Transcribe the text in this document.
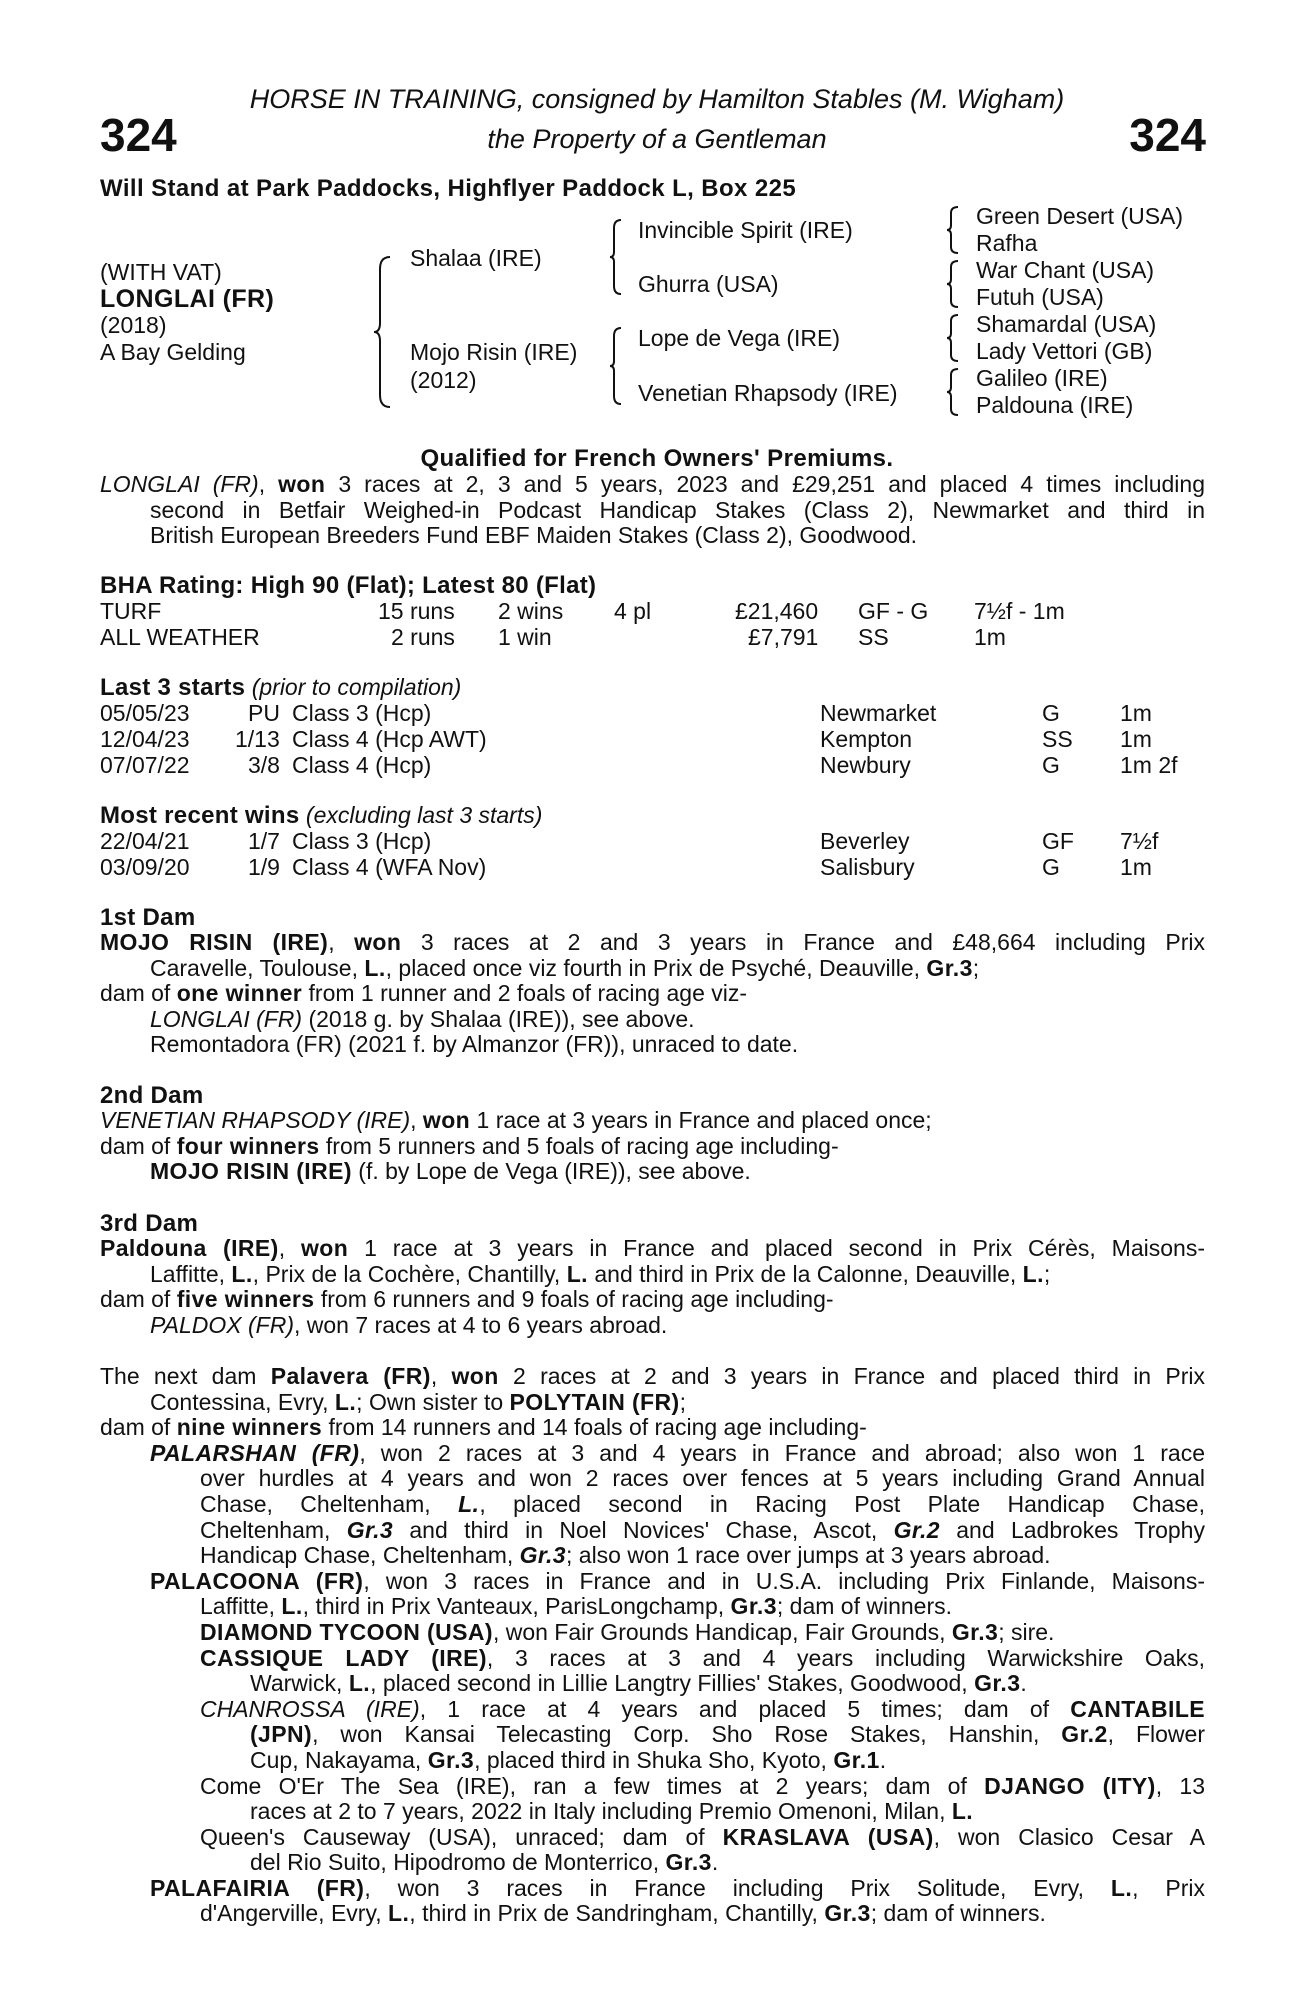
HORSE IN TRAINING, consigned by Hamilton Stables (M. Wigham)
324	the Property of a Gentleman	324
Will Stand at Park Paddocks, Highflyer Paddock L, Box 225
(WITH VAT)
LONGLAI (FR)
(2018)
A Bay Gelding
Shalaa (IRE)
Mojo Risin (IRE)
(2012)
Invincible Spirit (IRE)
Ghurra (USA)
Lope de Vega (IRE)
Venetian Rhapsody (IRE)
Green Desert (USA)
Rafha
War Chant (USA)
Futuh (USA)
Shamardal (USA)
Lady Vettori (GB)
Galileo (IRE)
Paldouna (IRE)
Qualified for French Owners' Premiums.
LONGLAI (FR), won 3 races at 2, 3 and 5 years, 2023 and £29,251 and placed 4 times including
second in Betfair Weighed-in Podcast Handicap Stakes (Class 2), Newmarket and third in
British European Breeders Fund EBF Maiden Stakes (Class 2), Goodwood.
BHA Rating: High 90 (Flat); Latest 80 (Flat)
TURF	15 runs 2 wins 4 pl	£21,460 GF - G 7½f - 1m
ALL WEATHER	2 runs 1 win	£7,791 SS	1m
Last 3 starts (prior to compilation)
05/05/23	PU Class 3 (Hcp)	Newmarket	G	1m
12/04/23 1/13 Class 4 (Hcp AWT)	Kempton	SS 1m
07/07/22	3/8 Class 4 (Hcp)	Newbury	G	1m 2f
Most recent wins (excluding last 3 starts)
22/04/21	1/7 Class 3 (Hcp)	Beverley	GF 7½f
03/09/20	1/9 Class 4 (WFA Nov)	Salisbury	G	1m
1st Dam
MOJO RISIN (IRE), won 3 races at 2 and 3 years in France and £48,664 including Prix
Caravelle, Toulouse, L., placed once viz fourth in Prix de Psyché, Deauville, Gr.3;
dam of one winner from 1 runner and 2 foals of racing age viz-
LONGLAI (FR) (2018 g. by Shalaa (IRE)), see above.
Remontadora (FR) (2021 f. by Almanzor (FR)), unraced to date.
2nd Dam
VENETIAN RHAPSODY (IRE), won 1 race at 3 years in France and placed once;
dam of four winners from 5 runners and 5 foals of racing age including-
MOJO RISIN (IRE) (f. by Lope de Vega (IRE)), see above.
3rd Dam
Paldouna (IRE), won 1 race at 3 years in France and placed second in Prix Cérès, Maisons-
Laffitte, L., Prix de la Cochère, Chantilly, L. and third in Prix de la Calonne, Deauville, L.;
dam of five winners from 6 runners and 9 foals of racing age including-
PALDOX (FR), won 7 races at 4 to 6 years abroad.
The next dam Palavera (FR), won 2 races at 2 and 3 years in France and placed third in Prix
Contessina, Evry, L.; Own sister to POLYTAIN (FR);
dam of nine winners from 14 runners and 14 foals of racing age including-
PALARSHAN (FR), won 2 races at 3 and 4 years in France and abroad; also won 1 race
over hurdles at 4 years and won 2 races over fences at 5 years including Grand Annual
Chase, Cheltenham, L., placed second in Racing Post Plate Handicap Chase,
Cheltenham, Gr.3 and third in Noel Novices' Chase, Ascot, Gr.2 and Ladbrokes Trophy
Handicap Chase, Cheltenham, Gr.3; also won 1 race over jumps at 3 years abroad.
PALACOONA (FR), won 3 races in France and in U.S.A. including Prix Finlande, Maisons-
Laffitte, L., third in Prix Vanteaux, ParisLongchamp, Gr.3; dam of winners.
DIAMOND TYCOON (USA), won Fair Grounds Handicap, Fair Grounds, Gr.3; sire.
CASSIQUE LADY (IRE), 3 races at 3 and 4 years including Warwickshire Oaks,
Warwick, L., placed second in Lillie Langtry Fillies' Stakes, Goodwood, Gr.3.
CHANROSSA (IRE), 1 race at 4 years and placed 5 times; dam of CANTABILE
(JPN), won Kansai Telecasting Corp. Sho Rose Stakes, Hanshin, Gr.2, Flower
Cup, Nakayama, Gr.3, placed third in Shuka Sho, Kyoto, Gr.1.
Come O'Er The Sea (IRE), ran a few times at 2 years; dam of DJANGO (ITY), 13
races at 2 to 7 years, 2022 in Italy including Premio Omenoni, Milan, L.
Queen's Causeway (USA), unraced; dam of KRASLAVA (USA), won Clasico Cesar A
del Rio Suito, Hipodromo de Monterrico, Gr.3.
PALAFAIRIA (FR), won 3 races in France including Prix Solitude, Evry, L., Prix
d'Angerville, Evry, L., third in Prix de Sandringham, Chantilly, Gr.3; dam of winners.
